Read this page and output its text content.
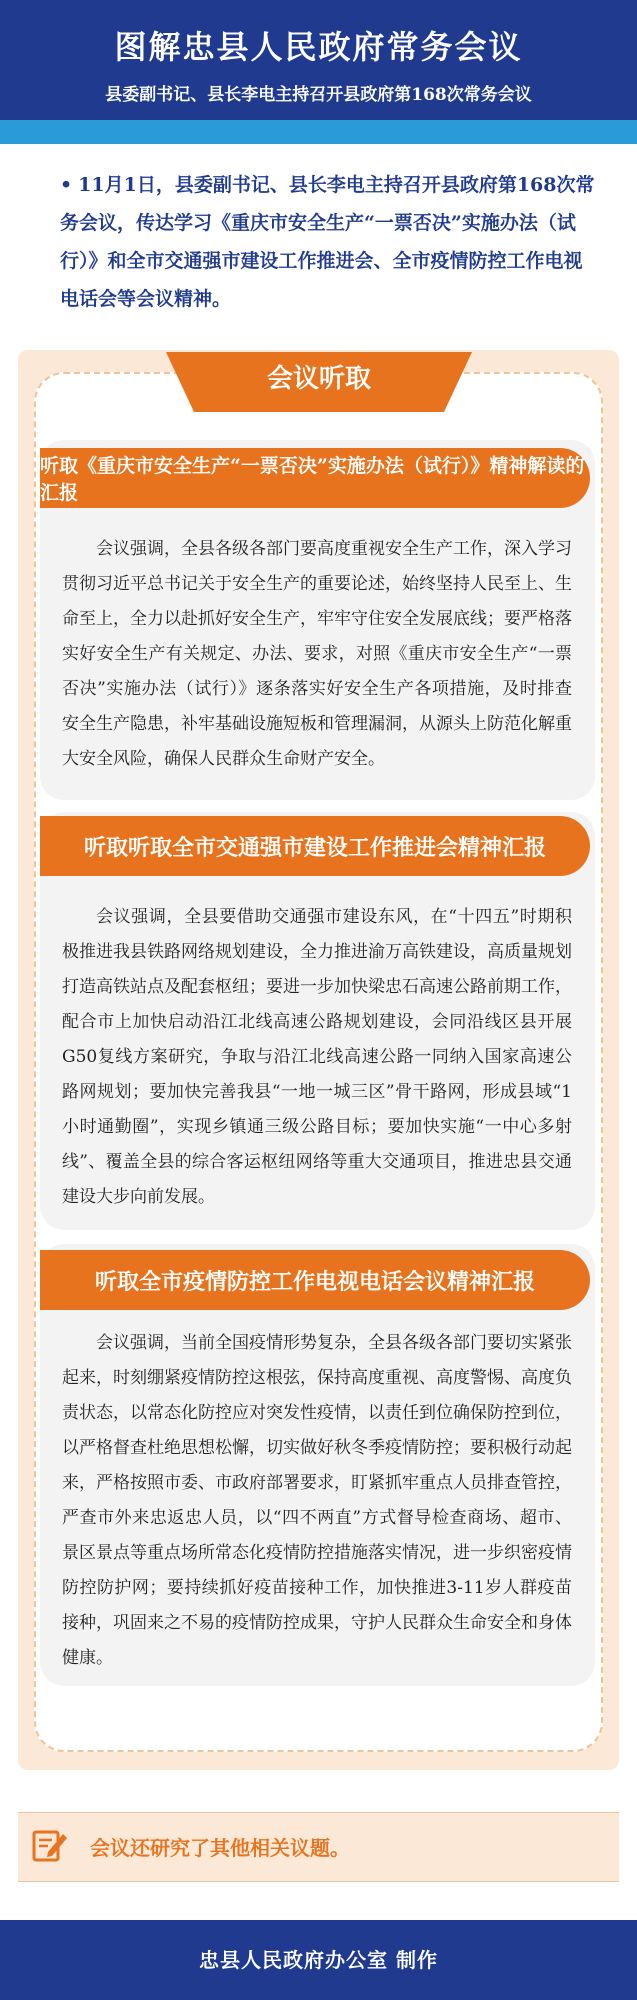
图解忠县人民政府常务会议
县委副书记、县长李电主持召开县政府第168次常务会议
• 11月1日，县委副书记、县长李电主持召开县政府第168次常务会议，传达学习《重庆市安全生产“一票否决”实施办法（试行）》和全市交通强市建设工作推进会、全市疫情防控工作电视电话会等会议精神。
会议听取
听取《重庆市安全生产“一票否决”实施办法（试行）》精神解读的汇报
会议强调，全县各级各部门要高度重视安全生产工作，深入学习贯彻习近平总书记关于安全生产的重要论述，始终坚持人民至上、生命至上，全力以赴抓好安全生产，牢牢守住安全发展底线；要严格落实好安全生产有关规定、办法、要求，对照《重庆市安全生产“一票否决”实施办法（试行）》逐条落实好安全生产各项措施，及时排查安全生产隐患，补牢基础设施短板和管理漏洞，从源头上防范化解重大安全风险，确保人民群众生命财产安全。
听取听取全市交通强市建设工作推进会精神汇报
会议强调，全县要借助交通强市建设东风，在“十四五”时期积极推进我县铁路网络规划建设，全力推进渝万高铁建设，高质量规划打造高铁站点及配套枢纽；要进一步加快梁忠石高速公路前期工作，配合市上加快启动沿江北线高速公路规划建设，会同沿线区县开展G50复线方案研究，争取与沿江北线高速公路一同纳入国家高速公路网规划；要加快完善我县“一地一城三区”骨干路网，形成县域“1小时通勤圈”，实现乡镇通三级公路目标；要加快实施“一中心多射线”、覆盖全县的综合客运枢纽网络等重大交通项目，推进忠县交通建设大步向前发展。
听取全市疫情防控工作电视电话会议精神汇报
会议强调，当前全国疫情形势复杂，全县各级各部门要切实紧张起来，时刻绷紧疫情防控这根弦，保持高度重视、高度警惕、高度负责状态，以常态化防控应对突发性疫情，以责任到位确保防控到位，以严格督查杜绝思想松懈，切实做好秋冬季疫情防控；要积极行动起来，严格按照市委、市政府部署要求，盯紧抓牢重点人员排查管控，严查市外来忠返忠人员，以“四不两直”方式督导检查商场、超市、景区景点等重点场所常态化疫情防控措施落实情况，进一步织密疫情防控防护网；要持续抓好疫苗接种工作，加快推进3-11岁人群疫苗接种，巩固来之不易的疫情防控成果，守护人民群众生命安全和身体健康。
会议还研究了其他相关议题。
忠县人民政府办公室 制作
